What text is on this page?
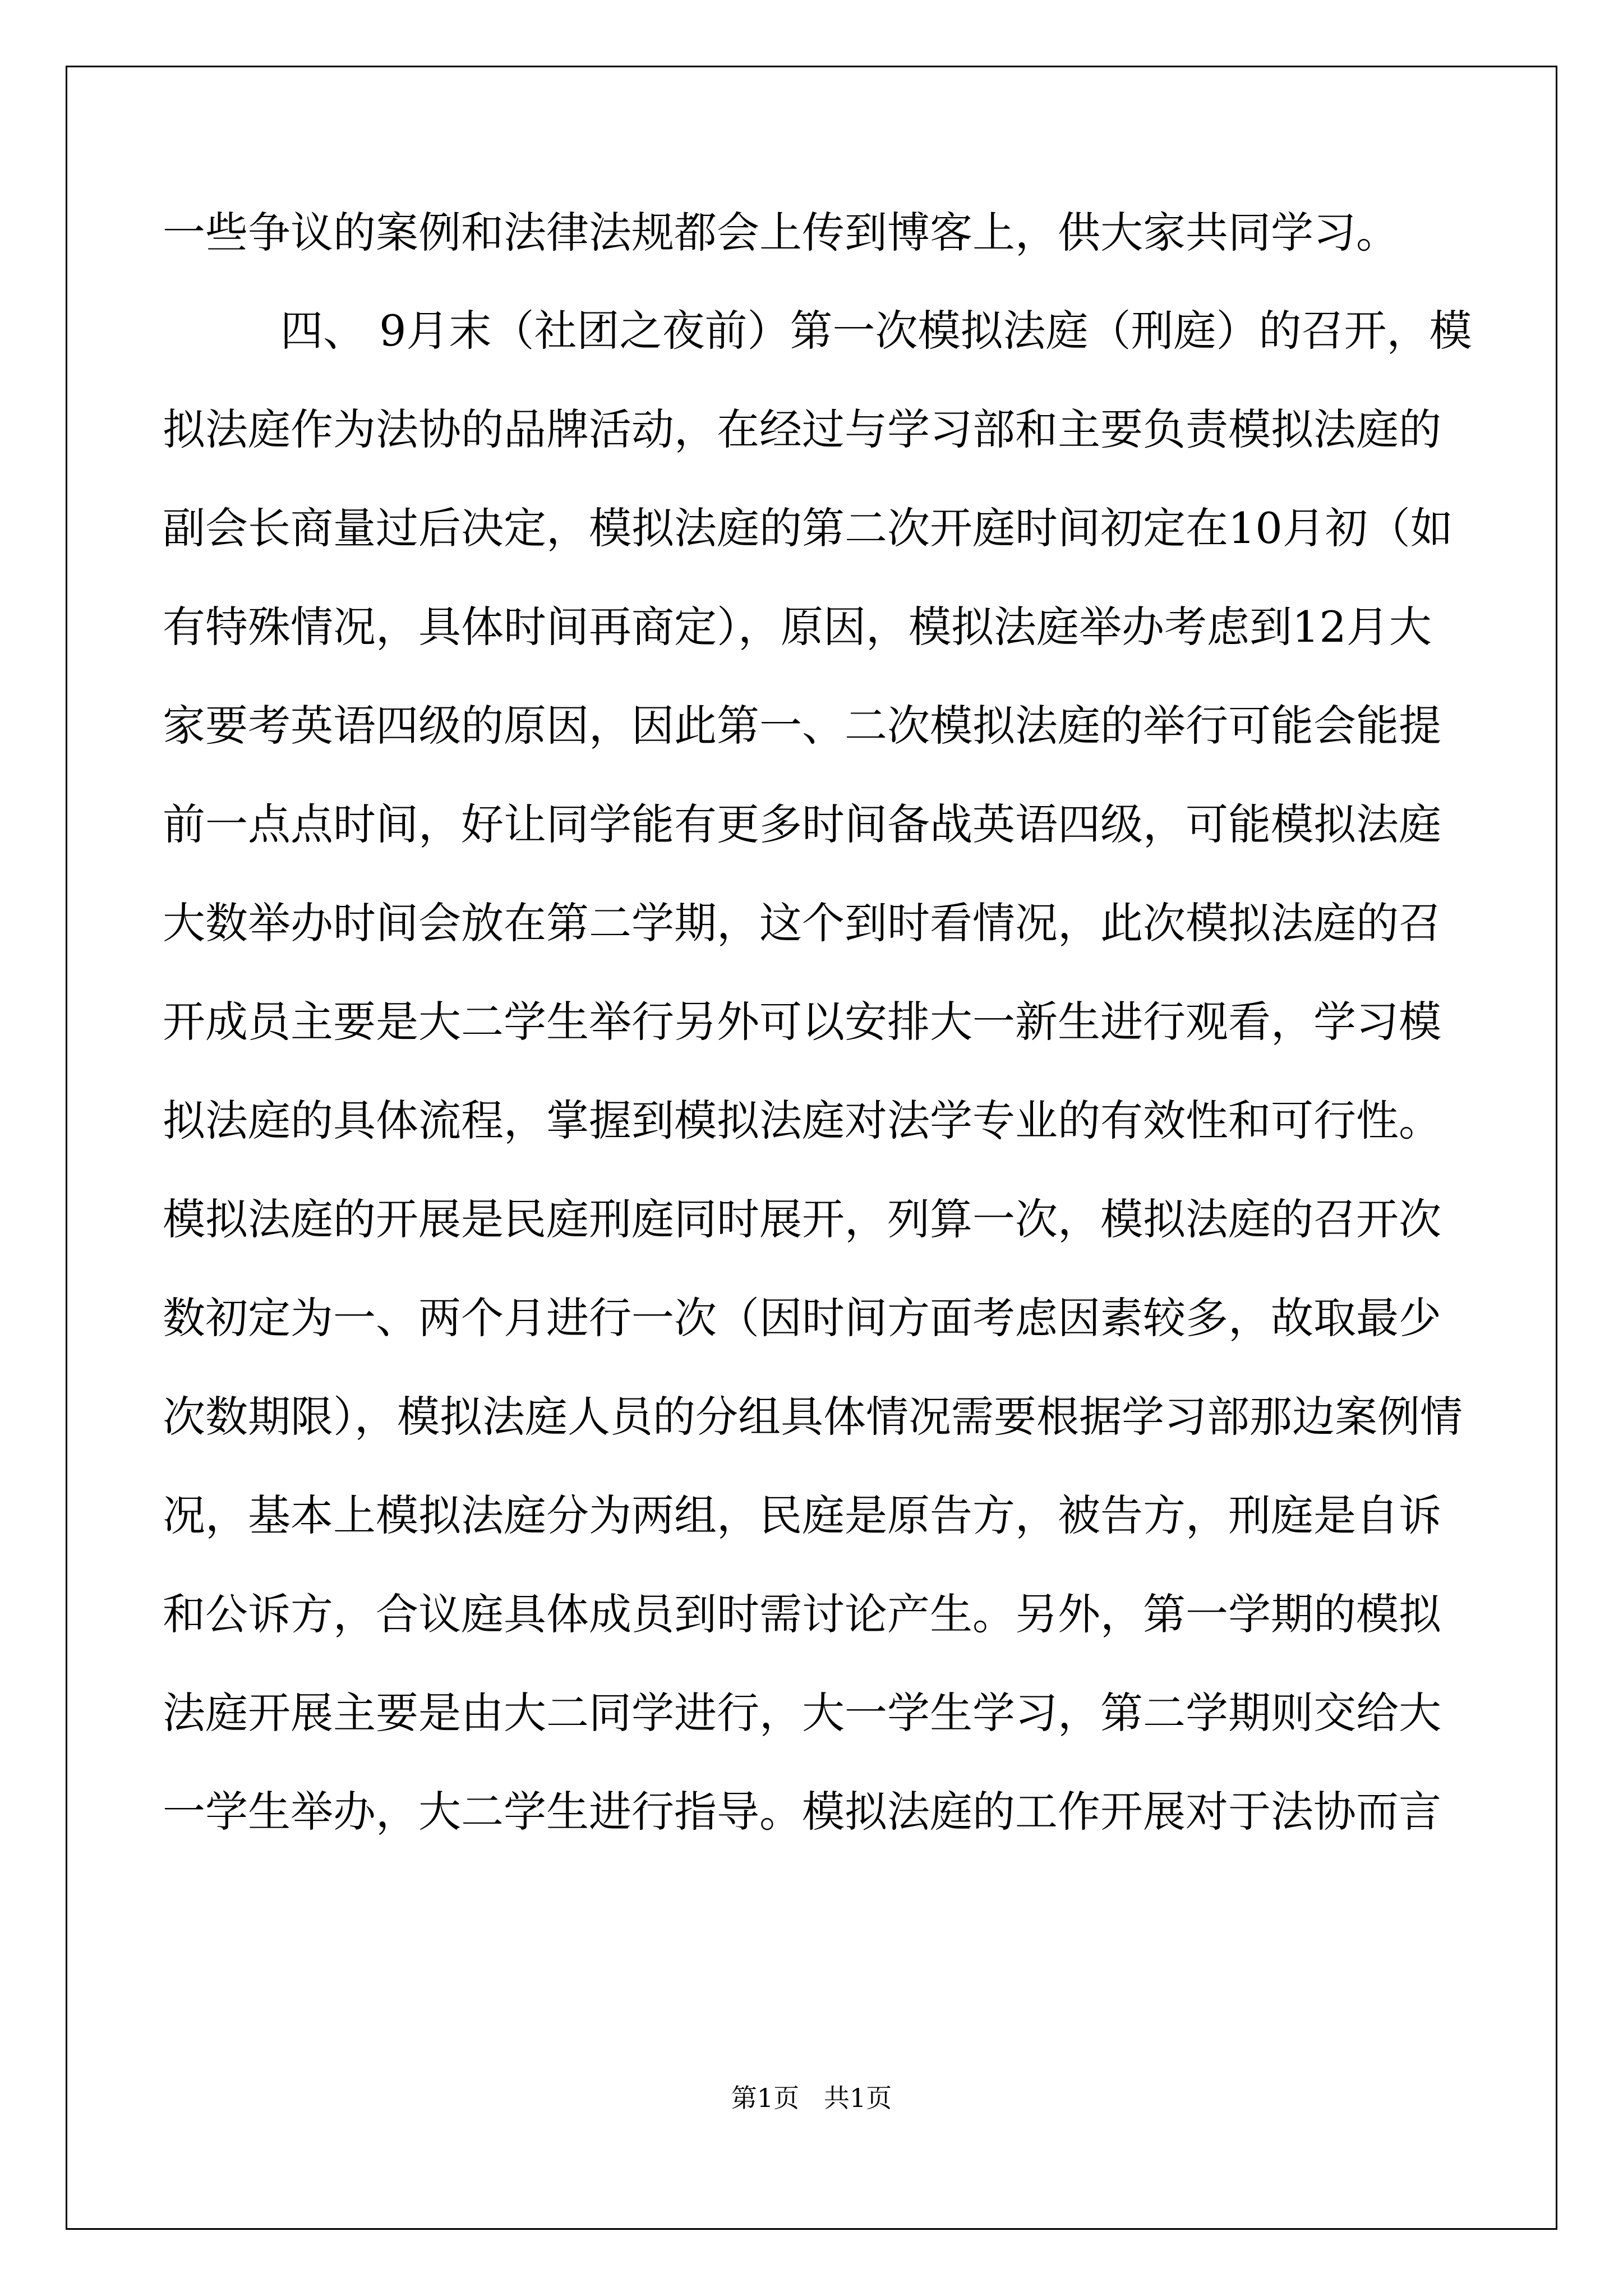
一些争议的案例和法律法规都会上传到博客上，供大家共同学习。
四、 9月末（社团之夜前）第一次模拟法庭（刑庭）的召开，模
拟法庭作为法协的品牌活动，在经过与学习部和主要负责模拟法庭的
副会长商量过后决定，模拟法庭的第二次开庭时间初定在10月初（如
有特殊情况，具体时间再商定），原因，模拟法庭举办考虑到12月大
家要考英语四级的原因，因此第一、二次模拟法庭的举行可能会能提
前一点点时间，好让同学能有更多时间备战英语四级，可能模拟法庭
大数举办时间会放在第二学期，这个到时看情况，此次模拟法庭的召
开成员主要是大二学生举行另外可以安排大一新生进行观看，学习模
拟法庭的具体流程，掌握到模拟法庭对法学专业的有效性和可行性。
模拟法庭的开展是民庭刑庭同时展开，列算一次，模拟法庭的召开次
数初定为一、两个月进行一次（因时间方面考虑因素较多，故取最少
次数期限），模拟法庭人员的分组具体情况需要根据学习部那边案例情
况，基本上模拟法庭分为两组，民庭是原告方，被告方，刑庭是自诉
和公诉方，合议庭具体成员到时需讨论产生。另外，第一学期的模拟
法庭开展主要是由大二同学进行，大一学生学习，第二学期则交给大
一学生举办，大二学生进行指导。模拟法庭的工作开展对于法协而言
第1页   共1页
